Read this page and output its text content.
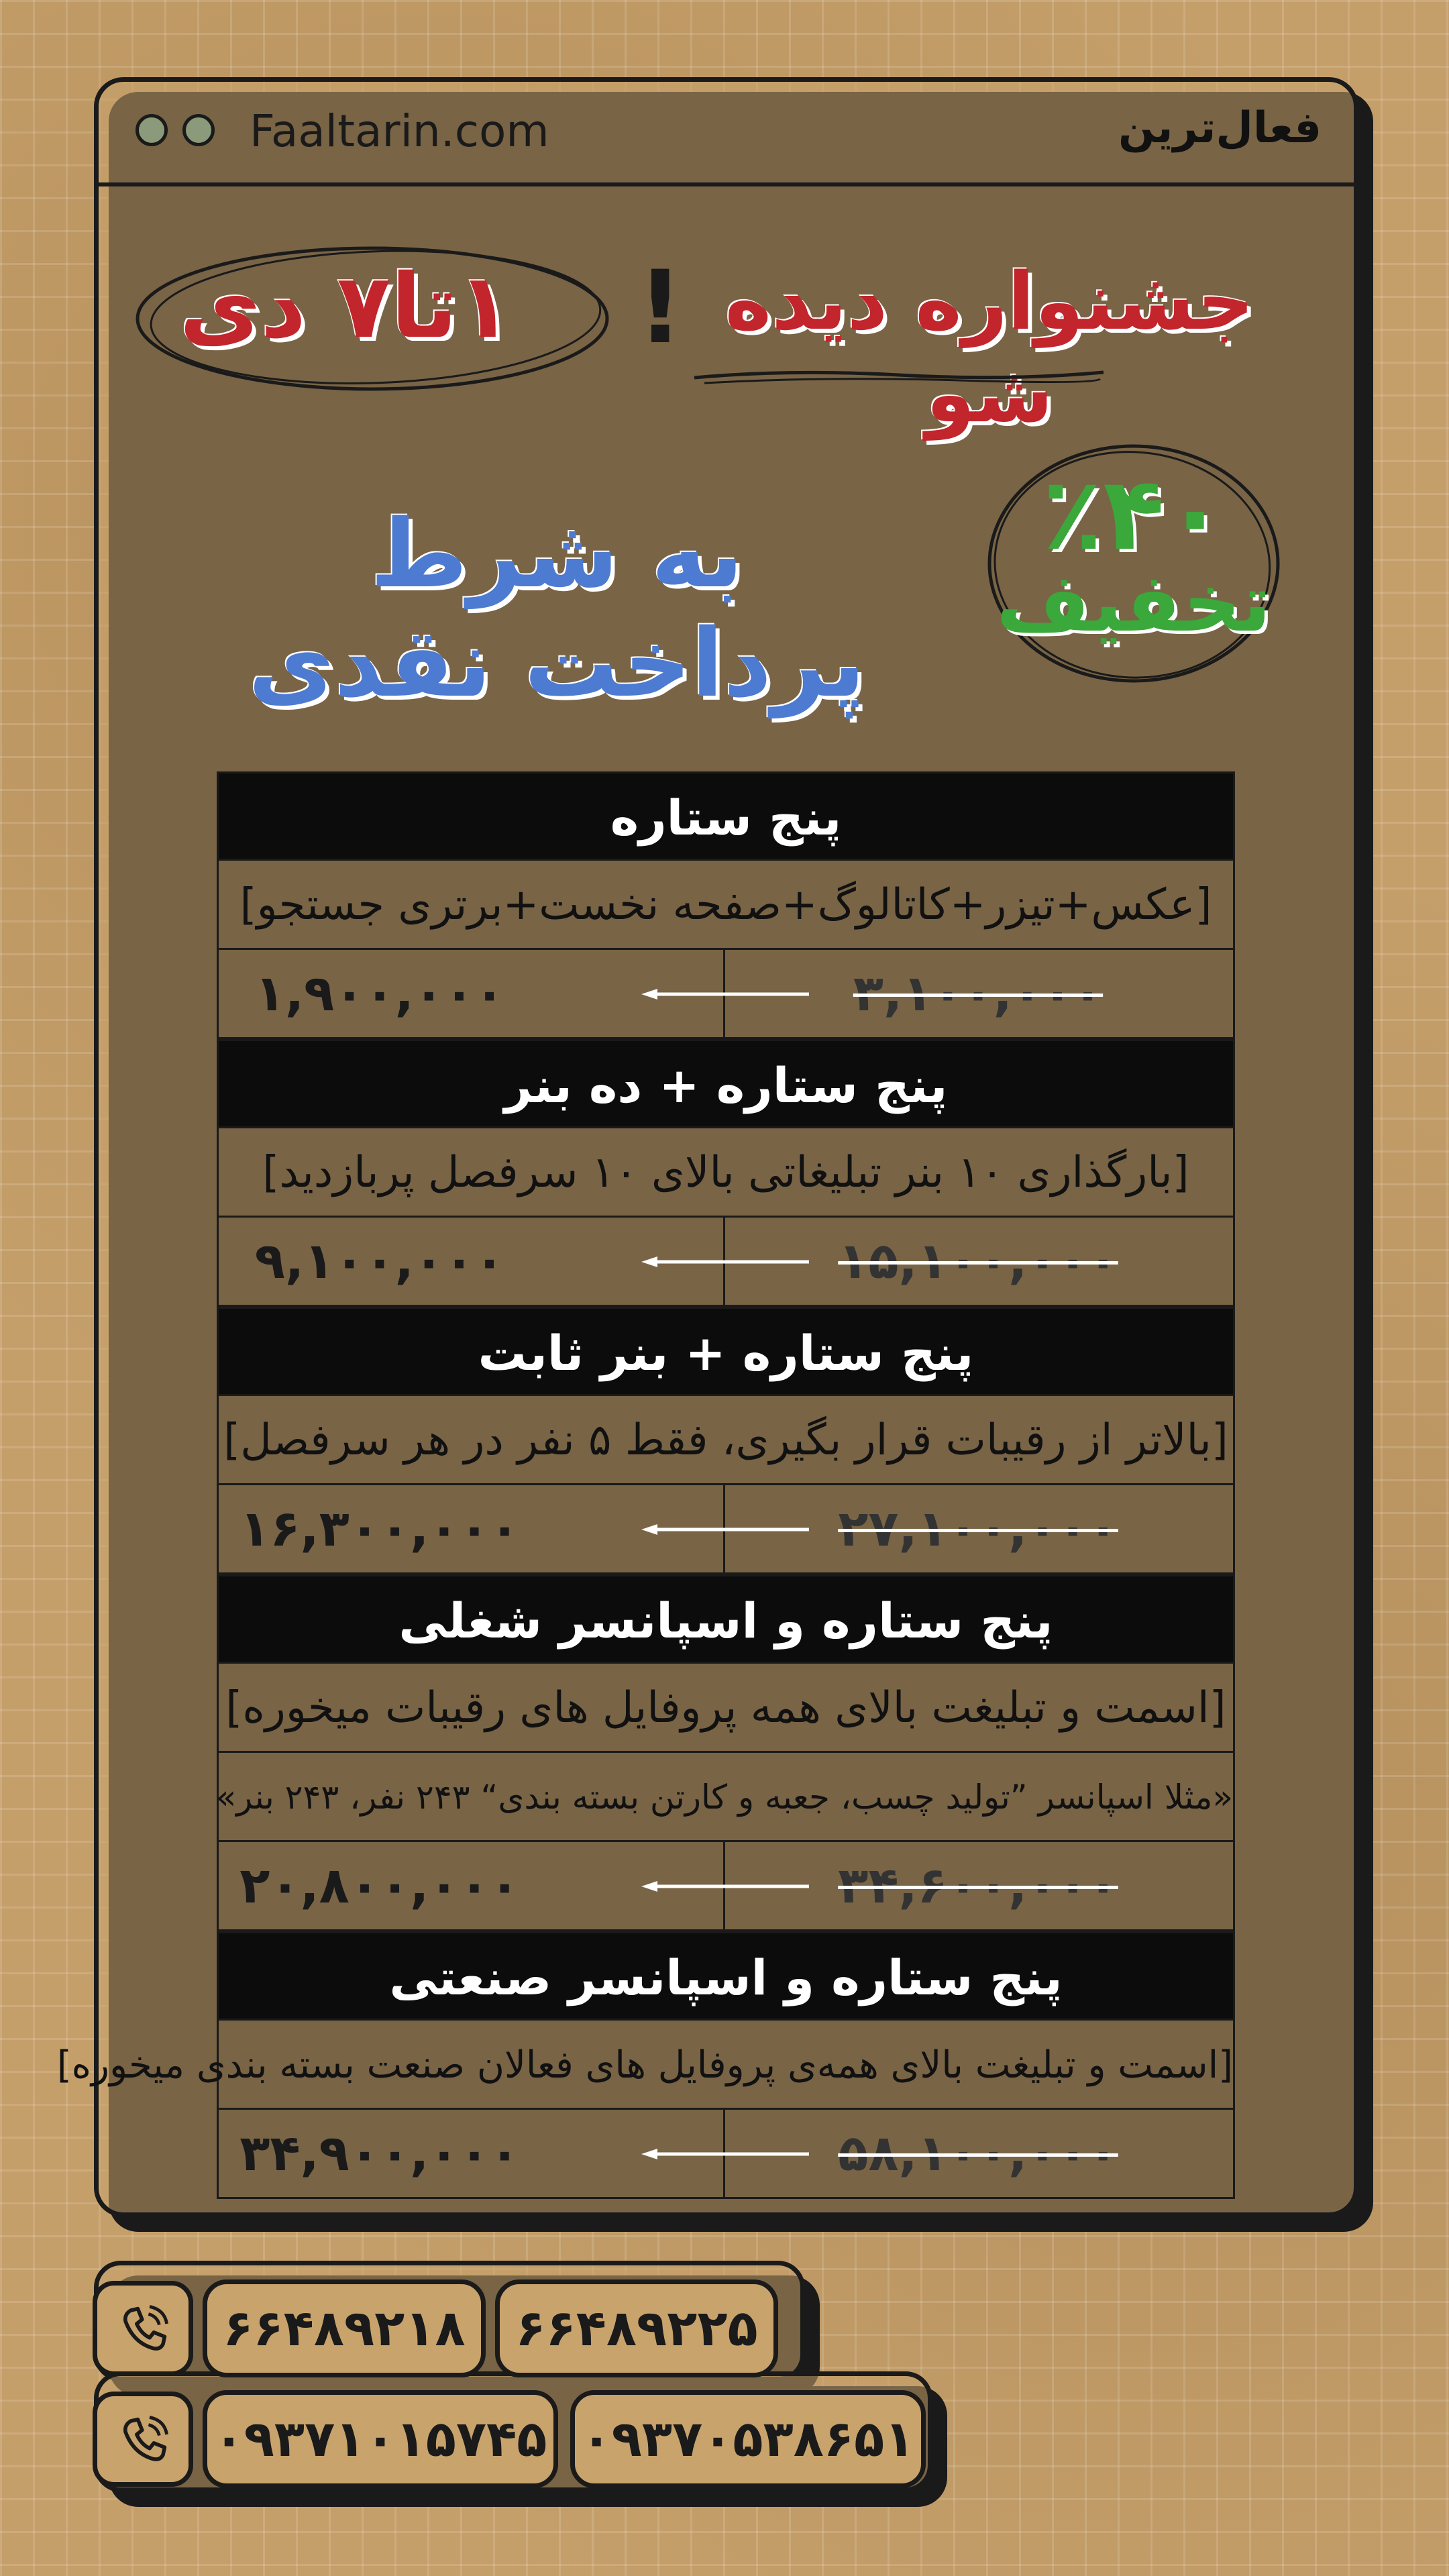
Faaltarin.com	فعال‌ترین
جشنواره دیده شو
!
۱تا۷ دی
٪۴۰
تخفیف
به شرط پرداخت نقدی
پنج ستاره
[عکس+تیزر+کاتالوگ+صفحه نخست+برتری جستجو]
۳,۱۰۰,۰۰۰
۱,۹۰۰,۰۰۰
پنج ستاره + ده بنر
[بارگذاری ۱۰ بنر تبلیغاتی بالای ۱۰ سرفصل پربازدید]
۱۵,۱۰۰,۰۰۰
۹,۱۰۰,۰۰۰
پنج ستاره + بنر ثابت
[بالاتر از رقیبات قرار بگیری، فقط ۵ نفر در هر سرفصل]
۲۷,۱۰۰,۰۰۰
۱۶,۳۰۰,۰۰۰
پنج ستاره و اسپانسر شغلی
[اسمت و تبلیغت بالای همه پروفایل های رقیبات میخوره]
«مثلا اسپانسر ”تولید چسب، جعبه و کارتن بسته بندی“ ۲۴۳ نفر، ۲۴۳ بنر»
۳۴,۶۰۰,۰۰۰
۲۰,۸۰۰,۰۰۰
پنج ستاره و اسپانسر صنعتی
[اسمت و تبلیغت بالای همه‌ی پروفایل های فعالان صنعت بسته بندی میخوره]
۵۸,۱۰۰,۰۰۰
۳۴,۹۰۰,۰۰۰
۶۶۴۸۹۲۱۸	۶۶۴۸۹۲۲۵
۰۹۳۷۱۰۱۵۷۴۵ ۰۹۳۷۰۵۳۸۶۵۱
